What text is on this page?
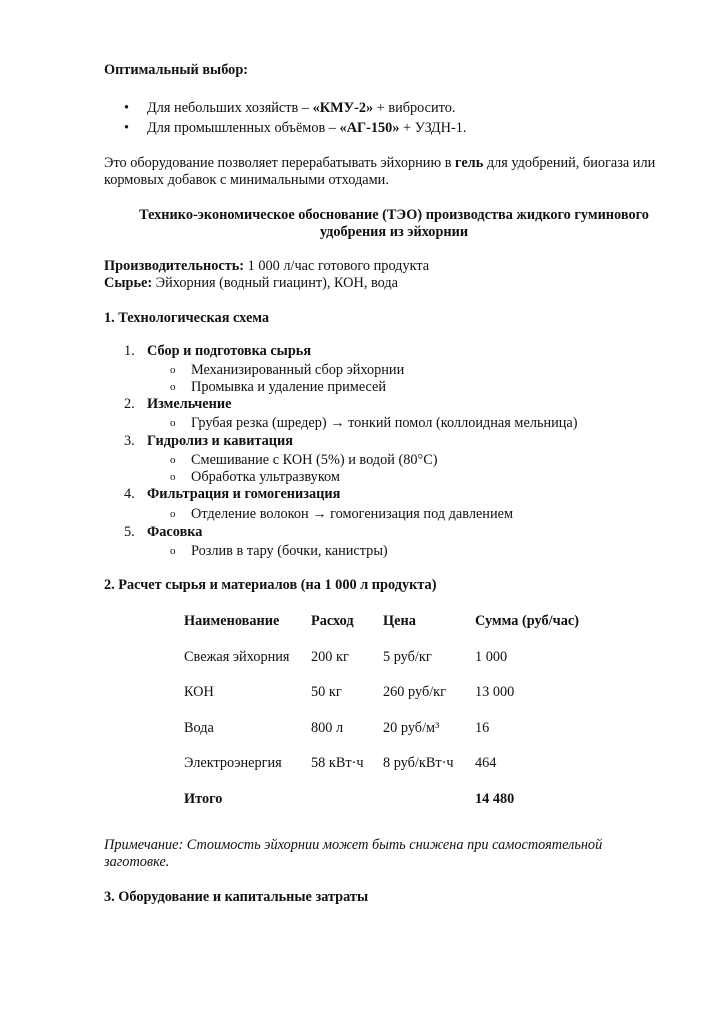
Оптимальный выбор:

• Для небольших хозяйств – «КМУ-2» + вибросито.
• Для промышленных объёмов – «АГ-150» + УЗДН-1.

Это оборудование позволяет перерабатывать эйхорнию в гель для удобрений, биогаза или

кормовых добавок с минимальными отходами.

Технико-экономическое обоснование (ТЭО) производства жидкого гуминового

удобрения из эйхорнии

Производительность: 1 000 л/час готового продукта

Сырье: Эйхорния (водный гиацинт), КОН, вода

1. Технологическая схема

1. Сбор и подготовка сырья
o Механизированный сбор эйхорнии
o Промывка и удаление примесей
2. Измельчение
o Грубая резка (шредер) → тонкий помол (коллоидная мельница)
3. Гидролиз и кавитация
o Смешивание с КОН (5%) и водой (80°C)
o Обработка ультразвуком
4. Фильтрация и гомогенизация
o Отделение волокон → гомогенизация под давлением
5. Фасовка
o Розлив в тару (бочки, канистры)

2. Расчет сырья и материалов (на 1 000 л продукта)

Наименование	Расход	Цена	Сумма (руб/час)
Свежая эйхорния	200 кг	5 руб/кг	1 000
КОН	50 кг	260 руб/кг	13 000
Вода	800 л	20 руб/м³	16
Электроэнергия	58 кВт·ч	8 руб/кВт·ч	464
Итого			14 480

Примечание: Стоимость эйхорнии может быть снижена при самостоятельной

заготовке.

3. Оборудование и капитальные затраты
